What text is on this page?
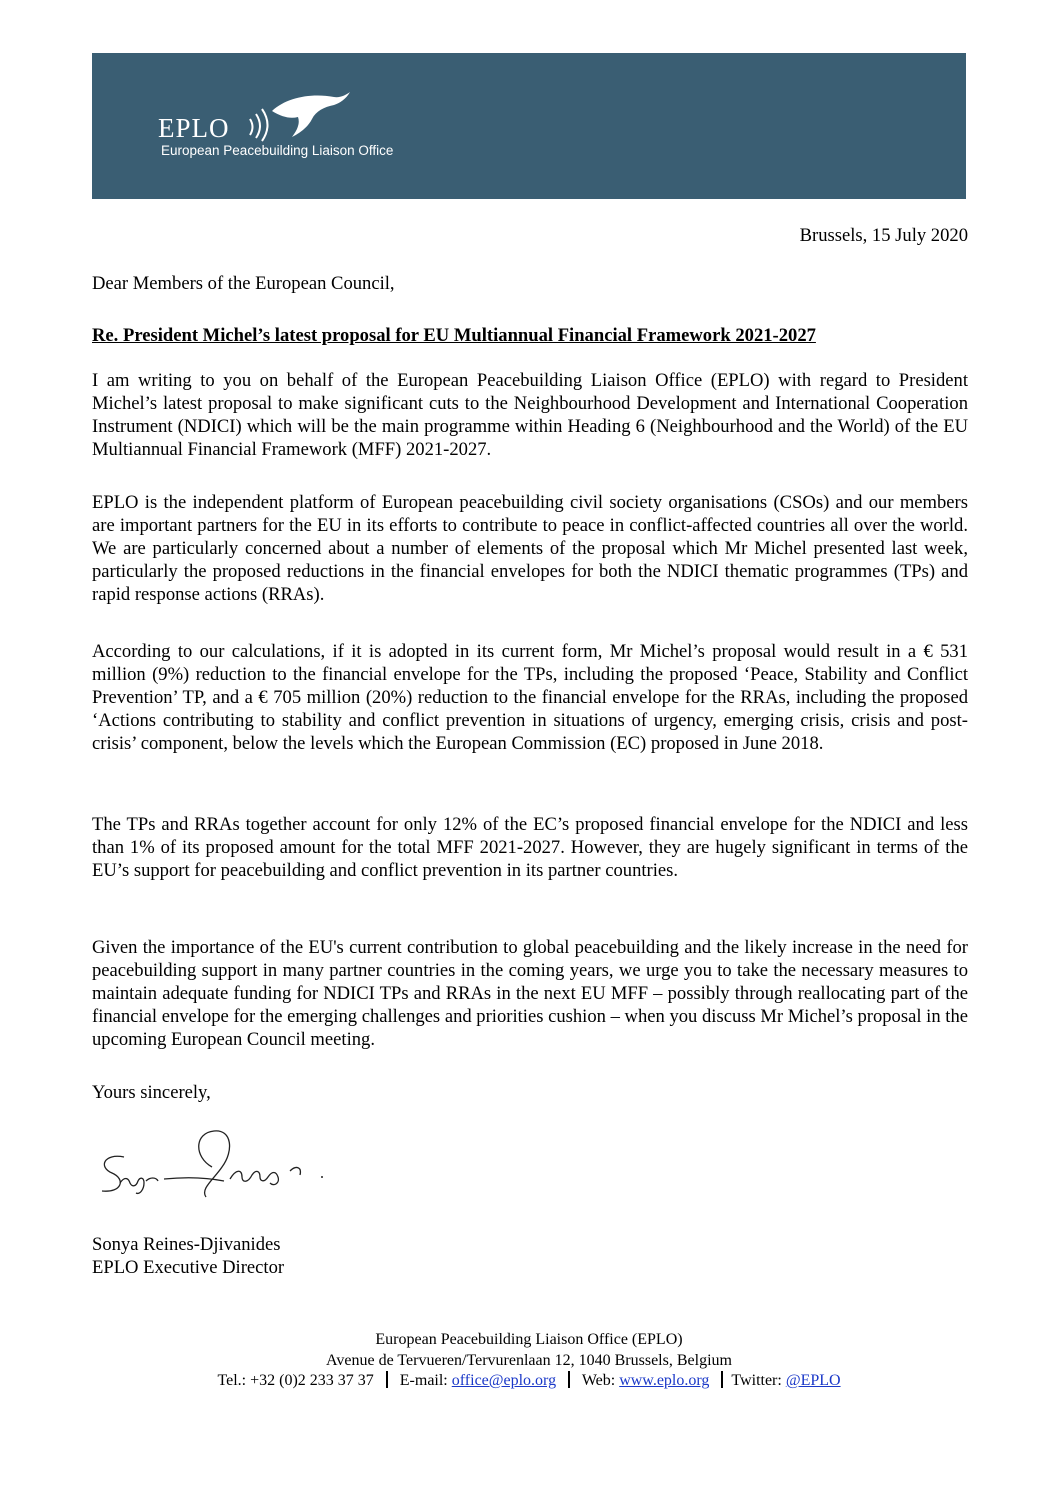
EPLO
European Peacebuilding Liaison Office
Brussels, 15 July 2020
Dear Members of the European Council,
Re. President Michel’s latest proposal for EU Multiannual Financial Framework 2021-2027

I am writing to you on behalf of the European Peacebuilding Liaison Office (EPLO) with regard to President Michel’s latest proposal to make significant cuts to the Neighbourhood Development and International Cooperation Instrument (NDICI) which will be the main programme within Heading 6 (Neighbourhood and the World) of the EU Multiannual Financial Framework (MFF) 2021-2027.

EPLO is the independent platform of European peacebuilding civil society organisations (CSOs) and our members are important partners for the EU in its efforts to contribute to peace in conflict-affected countries all over the world. We are particularly concerned about a number of elements of the proposal which Mr Michel presented last week, particularly the proposed reductions in the financial envelopes for both the NDICI thematic programmes (TPs) and rapid response actions (RRAs).

According to our calculations, if it is adopted in its current form, Mr Michel’s proposal would result in a € 531 million (9%) reduction to the financial envelope for the TPs, including the proposed ‘Peace, Stability and Conflict Prevention’ TP, and a € 705 million (20%) reduction to the financial envelope for the RRAs, including the proposed ‘Actions contributing to stability and conflict prevention in situations of urgency, emerging crisis, crisis and post-crisis’ component, below the levels which the European Commission (EC) proposed in June 2018.

The TPs and RRAs together account for only 12% of the EC’s proposed financial envelope for the NDICI and less than 1% of its proposed amount for the total MFF 2021-2027. However, they are hugely significant in terms of the EU’s support for peacebuilding and conflict prevention in its partner countries.

Given the importance of the EU's current contribution to global peacebuilding and the likely increase in the need for peacebuilding support in many partner countries in the coming years, we urge you to take the necessary measures to maintain adequate funding for NDICI TPs and RRAs in the next EU MFF – possibly through reallocating part of the financial envelope for the emerging challenges and priorities cushion – when you discuss Mr Michel’s proposal in the upcoming European Council meeting.

Yours sincerely,
Sonya Reines-Djivanides
EPLO Executive Director
European Peacebuilding Liaison Office (EPLO)
Avenue de Tervueren/Tervurenlaan 12, 1040 Brussels, Belgium
Tel.: +32 (0)2 233 37 37 E-mail: office@eplo.org Web: www.eplo.org Twitter: @EPLO
